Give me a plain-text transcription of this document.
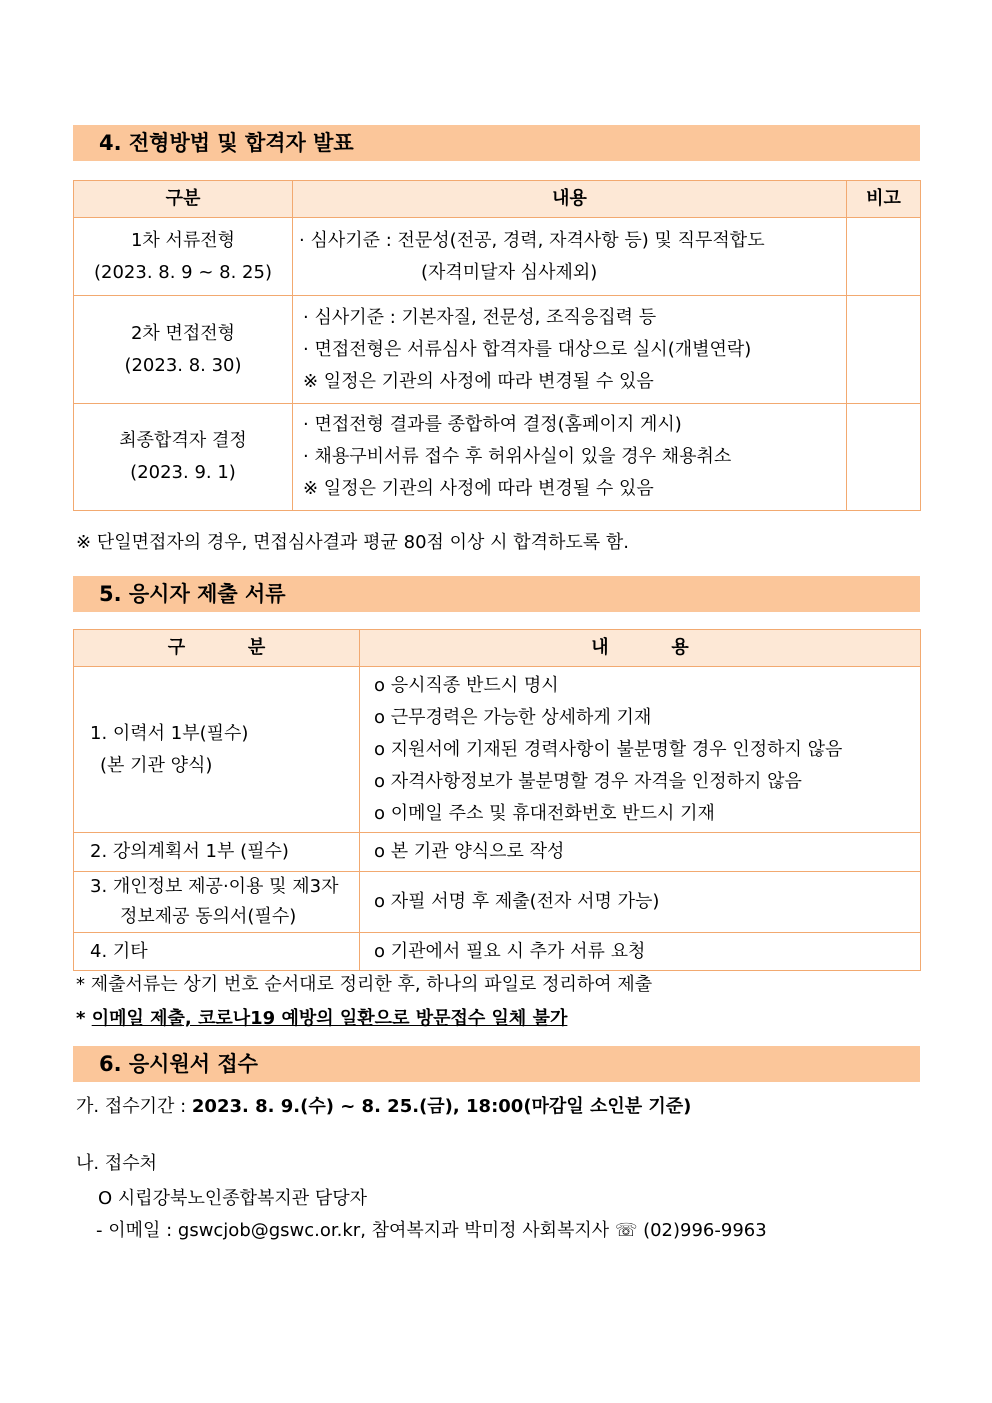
4. 전형방법 및 합격자 발표
구분	내용	비고

1차 서류전형
(2023. 8. 9 ~ 8. 25)	· 심사기준 : 전문성(전공, 경력, 자격사항 등) 및 직무적합도
(자격미달자 심사제외)	

2차 면접전형
(2023. 8. 30)	· 심사기준 : 기본자질, 전문성, 조직응집력 등
· 면접전형은 서류심사 합격자를 대상으로 실시(개별연락)
※ 일정은 기관의 사정에 따라 변경될 수 있음	

최종합격자 결정
(2023. 9. 1)	· 면접전형 결과를 종합하여 결정(홈페이지 게시)
· 채용구비서류 접수 후 허위사실이 있을 경우 채용취소
※ 일정은 기관의 사정에 따라 변경될 수 있음	

※ 단일면접자의 경우, 면접심사결과 평균 80점 이상 시 합격하도록 함.
5. 응시자 제출 서류
구          분	내          용

1. 이력서 1부(필수)
(본 기관 양식)	o 응시직종 반드시 명시
o 근무경력은 가능한 상세하게 기재
o 지원서에 기재된 경력사항이 불분명할 경우 인정하지 않음
o 자격사항정보가 불분명할 경우 자격을 인정하지 않음
o 이메일 주소 및 휴대전화번호 반드시 기재

2. 강의계획서 1부 (필수)	o 본 기관 양식으로 작성

3. 개인정보 제공·이용 및 제3자
정보제공 동의서(필수)	o 자필 서명 후 제출(전자 서명 가능)

4. 기타	o 기관에서 필요 시 추가 서류 요청
* 제출서류는 상기 번호 순서대로 정리한 후, 하나의 파일로 정리하여 제출
* 이메일 제출, 코로나19 예방의 일환으로 방문접수 일체 불가
6. 응시원서 접수
가. 접수기간 : 2023. 8. 9.(수) ~ 8. 25.(금), 18:00(마감일 소인분 기준)
나. 접수처
O 시립강북노인종합복지관 담당자
- 이메일 : gswcjob@gswc.or.kr, 참여복지과 박미정 사회복지사 ☏ (02)996-9963
